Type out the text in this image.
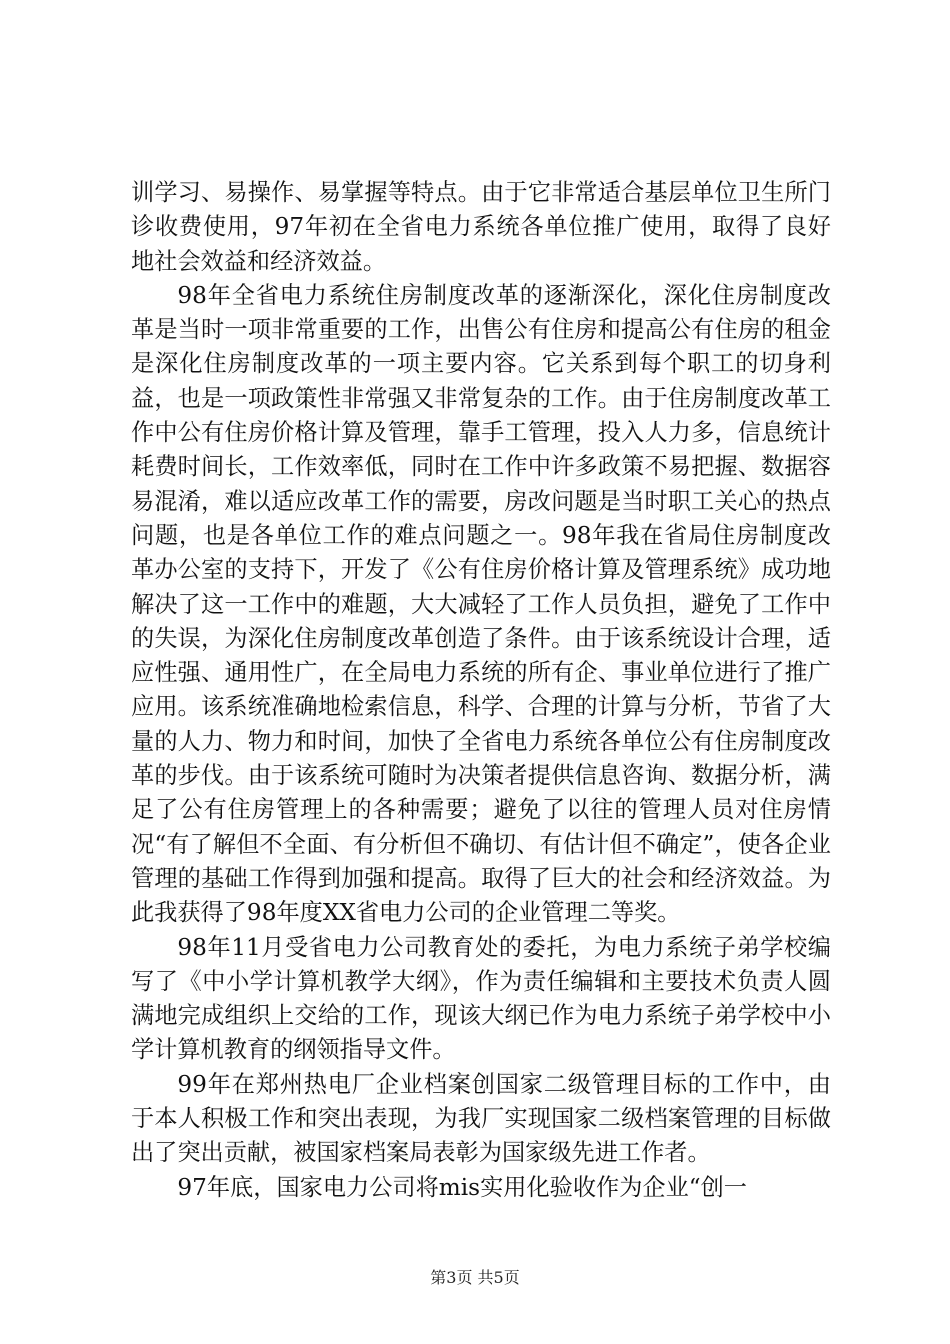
训学习、易操作、易掌握等特点。由于它非常适合基层单位卫生所门诊收费使用，97年初在全省电力系统各单位推广使用，取得了良好地社会效益和经济效益。

98年全省电力系统住房制度改革的逐渐深化，深化住房制度改革是当时一项非常重要的工作，出售公有住房和提高公有住房的租金是深化住房制度改革的一项主要内容。它关系到每个职工的切身利益，也是一项政策性非常强又非常复杂的工作。由于住房制度改革工作中公有住房价格计算及管理，靠手工管理，投入人力多，信息统计耗费时间长，工作效率低，同时在工作中许多政策不易把握、数据容易混淆，难以适应改革工作的需要，房改问题是当时职工关心的热点问题，也是各单位工作的难点问题之一。98年我在省局住房制度改革办公室的支持下，开发了《公有住房价格计算及管理系统》成功地解决了这一工作中的难题，大大减轻了工作人员负担，避免了工作中的失误，为深化住房制度改革创造了条件。由于该系统设计合理，适应性强、通用性广，在全局电力系统的所有企、事业单位进行了推广应用。该系统准确地检索信息，科学、合理的计算与分析，节省了大量的人力、物力和时间，加快了全省电力系统各单位公有住房制度改革的步伐。由于该系统可随时为决策者提供信息咨询、数据分析，满足了公有住房管理上的各种需要；避免了以往的管理人员对住房情况“有了解但不全面、有分析但不确切、有估计但不确定”，使各企业管理的基础工作得到加强和提高。取得了巨大的社会和经济效益。为此我获得了98年度XX省电力公司的企业管理二等奖。

98年11月受省电力公司教育处的委托，为电力系统子弟学校编写了《中小学计算机教学大纲》，作为责任编辑和主要技术负责人圆满地完成组织上交给的工作，现该大纲已作为电力系统子弟学校中小学计算机教育的纲领指导文件。

99年在郑州热电厂企业档案创国家二级管理目标的工作中，由于本人积极工作和突出表现，为我厂实现国家二级档案管理的目标做出了突出贡献，被国家档案局表彰为国家级先进工作者。

97年底，国家电力公司将mis实用化验收作为企业“创一

第3页 共5页
